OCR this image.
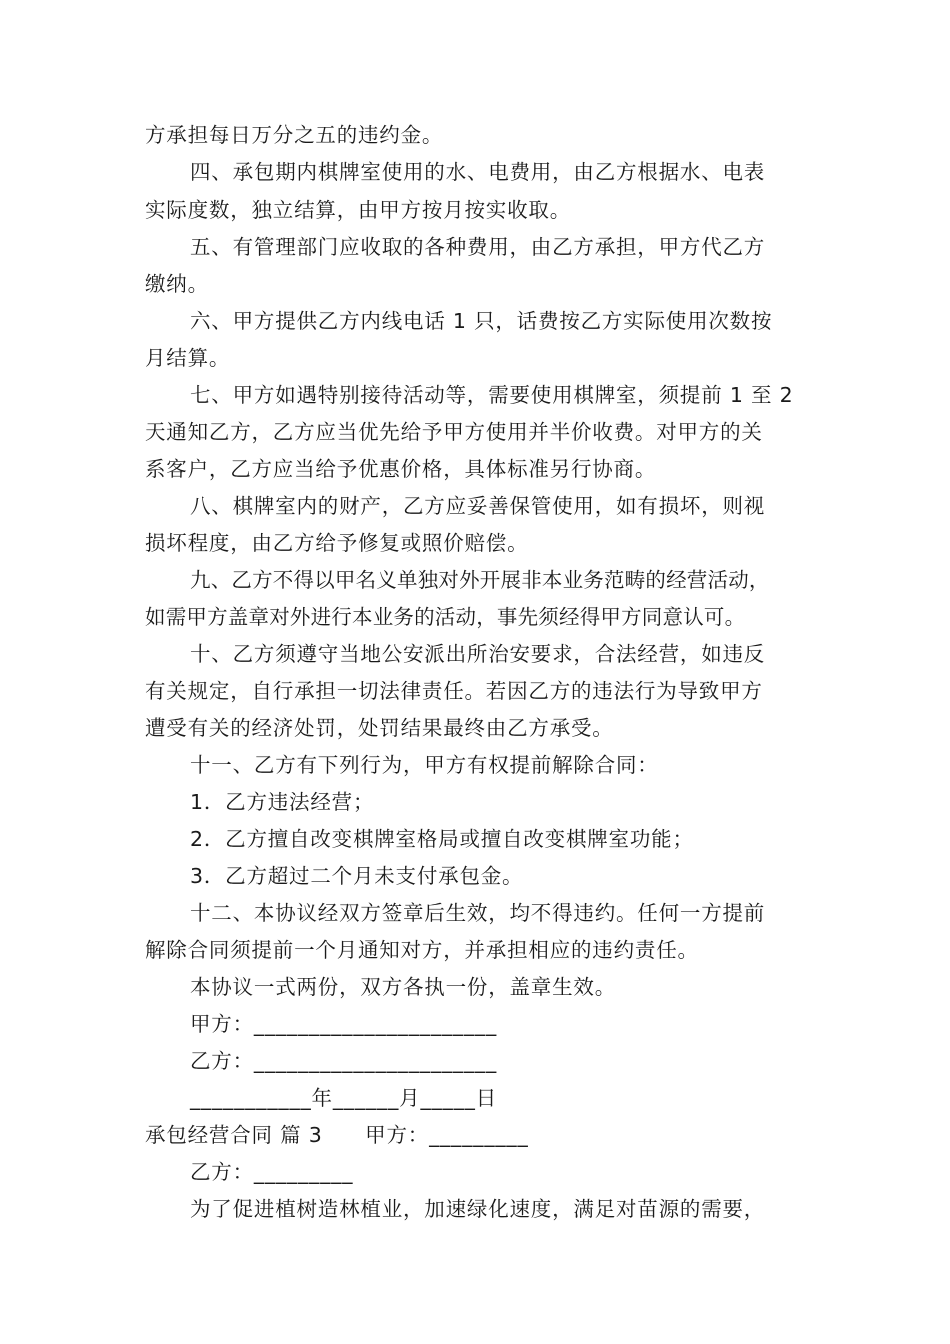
方承担每日万分之五的违约金。
四、承包期内棋牌室使用的水、电费用，由乙方根据水、电表
实际度数，独立结算，由甲方按月按实收取。
五、有管理部门应收取的各种费用，由乙方承担，甲方代乙方
缴纳。
六、甲方提供乙方内线电话 1 只，话费按乙方实际使用次数按
月结算。
七、甲方如遇特别接待活动等，需要使用棋牌室，须提前 1 至 2
天通知乙方，乙方应当优先给予甲方使用并半价收费。对甲方的关
系客户，乙方应当给予优惠价格，具体标准另行协商。
八、棋牌室内的财产，乙方应妥善保管使用，如有损坏，则视
损坏程度，由乙方给予修复或照价赔偿。
九、乙方不得以甲名义单独对外开展非本业务范畴的经营活动，
如需甲方盖章对外进行本业务的活动，事先须经得甲方同意认可。
十、乙方须遵守当地公安派出所治安要求，合法经营，如违反
有关规定，自行承担一切法律责任。若因乙方的违法行为导致甲方
遭受有关的经济处罚，处罚结果最终由乙方承受。
十一、乙方有下列行为，甲方有权提前解除合同：
1．乙方违法经营；
2．乙方擅自改变棋牌室格局或擅自改变棋牌室功能；
3．乙方超过二个月未支付承包金。
十二、本协议经双方签章后生效，均不得违约。任何一方提前
解除合同须提前一个月通知对方，并承担相应的违约责任。
本协议一式两份，双方各执一份，盖章生效。
甲方：______________________
乙方：______________________
___________年______月_____日
承包经营合同 篇 3　　甲方：_________
乙方：_________
为了促进植树造林植业，加速绿化速度，满足对苗源的需要，
